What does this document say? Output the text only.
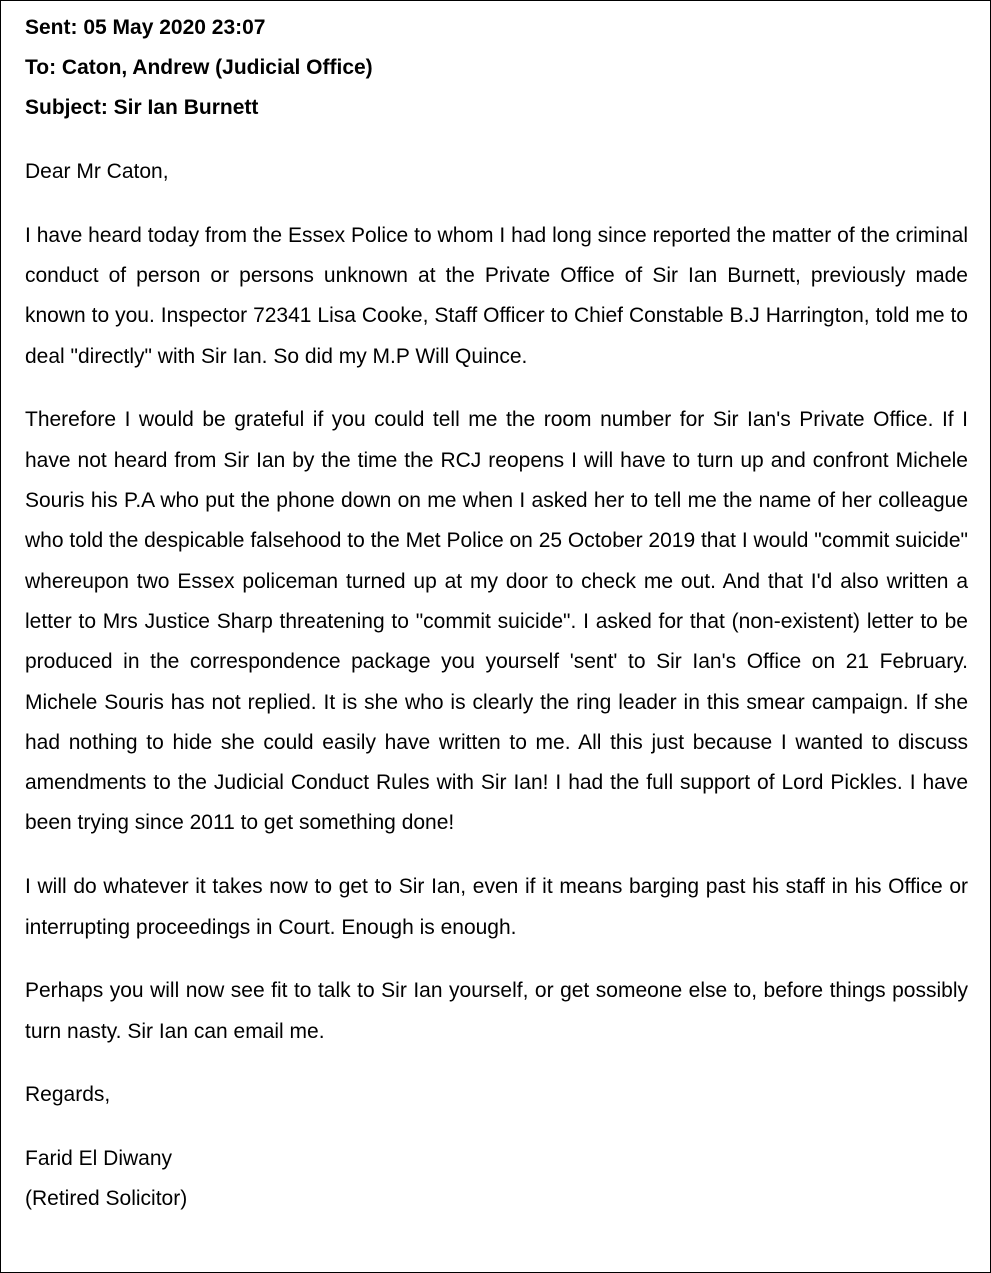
Sent: 05 May 2020 23:07

To: Caton, Andrew (Judicial Office)

Subject: Sir Ian Burnett

Dear Mr Caton,

I have heard today from the Essex Police to whom I had long since reported the matter of the criminal conduct of person or persons unknown at the Private Office of Sir Ian Burnett, previously made known to you. Inspector 72341 Lisa Cooke, Staff Officer to Chief Constable B.J Harrington, told me to deal "directly" with Sir Ian. So did my M.P Will Quince.

Therefore I would be grateful if you could tell me the room number for Sir Ian's Private Office. If I have not heard from Sir Ian by the time the RCJ reopens I will have to turn up and confront Michele Souris his P.A who put the phone down on me when I asked her to tell me the name of her colleague who told the despicable falsehood to the Met Police on 25 October 2019 that I would "commit suicide" whereupon two Essex policeman turned up at my door to check me out. And that I'd also written a letter to Mrs Justice Sharp threatening to "commit suicide". I asked for that (non-existent) letter to be produced in the correspondence package you yourself 'sent' to Sir Ian's Office on 21 February. Michele Souris has not replied. It is she who is clearly the ring leader in this smear campaign. If she had nothing to hide she could easily have written to me. All this just because I wanted to discuss amendments to the Judicial Conduct Rules with Sir Ian! I had the full support of Lord Pickles. I have been trying since 2011 to get something done!

I will do whatever it takes now to get to Sir Ian, even if it means barging past his staff in his Office or interrupting proceedings in Court. Enough is enough.

Perhaps you will now see fit to talk to Sir Ian yourself, or get someone else to, before things possibly turn nasty. Sir Ian can email me.

Regards,

Farid El Diwany

(Retired Solicitor)
